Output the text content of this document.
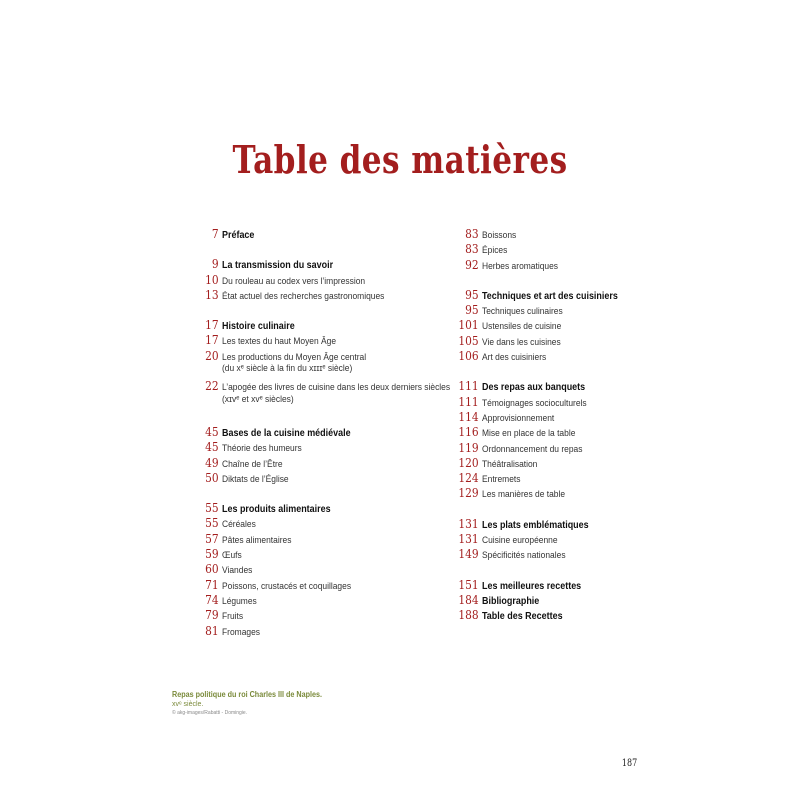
Table des matières
7 Préface
9 La transmission du savoir
10 Du rouleau au codex vers l’impression
13 État actuel des recherches gastronomiques
17 Histoire culinaire
17 Les textes du haut Moyen Âge
20 Les productions du Moyen Âge central
(du xᵉ siècle à la fin du xɪɪɪᵉ siècle)
22 L’apogée des livres de cuisine dans les deux derniers siècles
(xɪᴠᵉ et xᴠᵉ siècles)
45 Bases de la cuisine médiévale
45 Théorie des humeurs
49 Chaîne de l’Être
50 Diktats de l’Église
55 Les produits alimentaires
55 Céréales
57 Pâtes alimentaires
59 Œufs
60 Viandes
71 Poissons, crustacés et coquillages
74 Légumes
79 Fruits
81 Fromages
83 Boissons
83 Épices
92 Herbes aromatiques
95 Techniques et art des cuisiniers
95 Techniques culinaires
101 Ustensiles de cuisine
105 Vie dans les cuisines
106 Art des cuisiniers
111 Des repas aux banquets
111 Témoignages socioculturels
114 Approvisionnement
116 Mise en place de la table
119 Ordonnancement du repas
120 Théâtralisation
124 Entremets
129 Les manières de table
131 Les plats emblématiques
131 Cuisine européenne
149 Spécificités nationales
151 Les meilleures recettes
184 Bibliographie
188 Table des Recettes
Repas politique du roi Charles III de Naples.
xᴠᵉ siècle.
© akg-images/Rabatti - Domingie.
187
